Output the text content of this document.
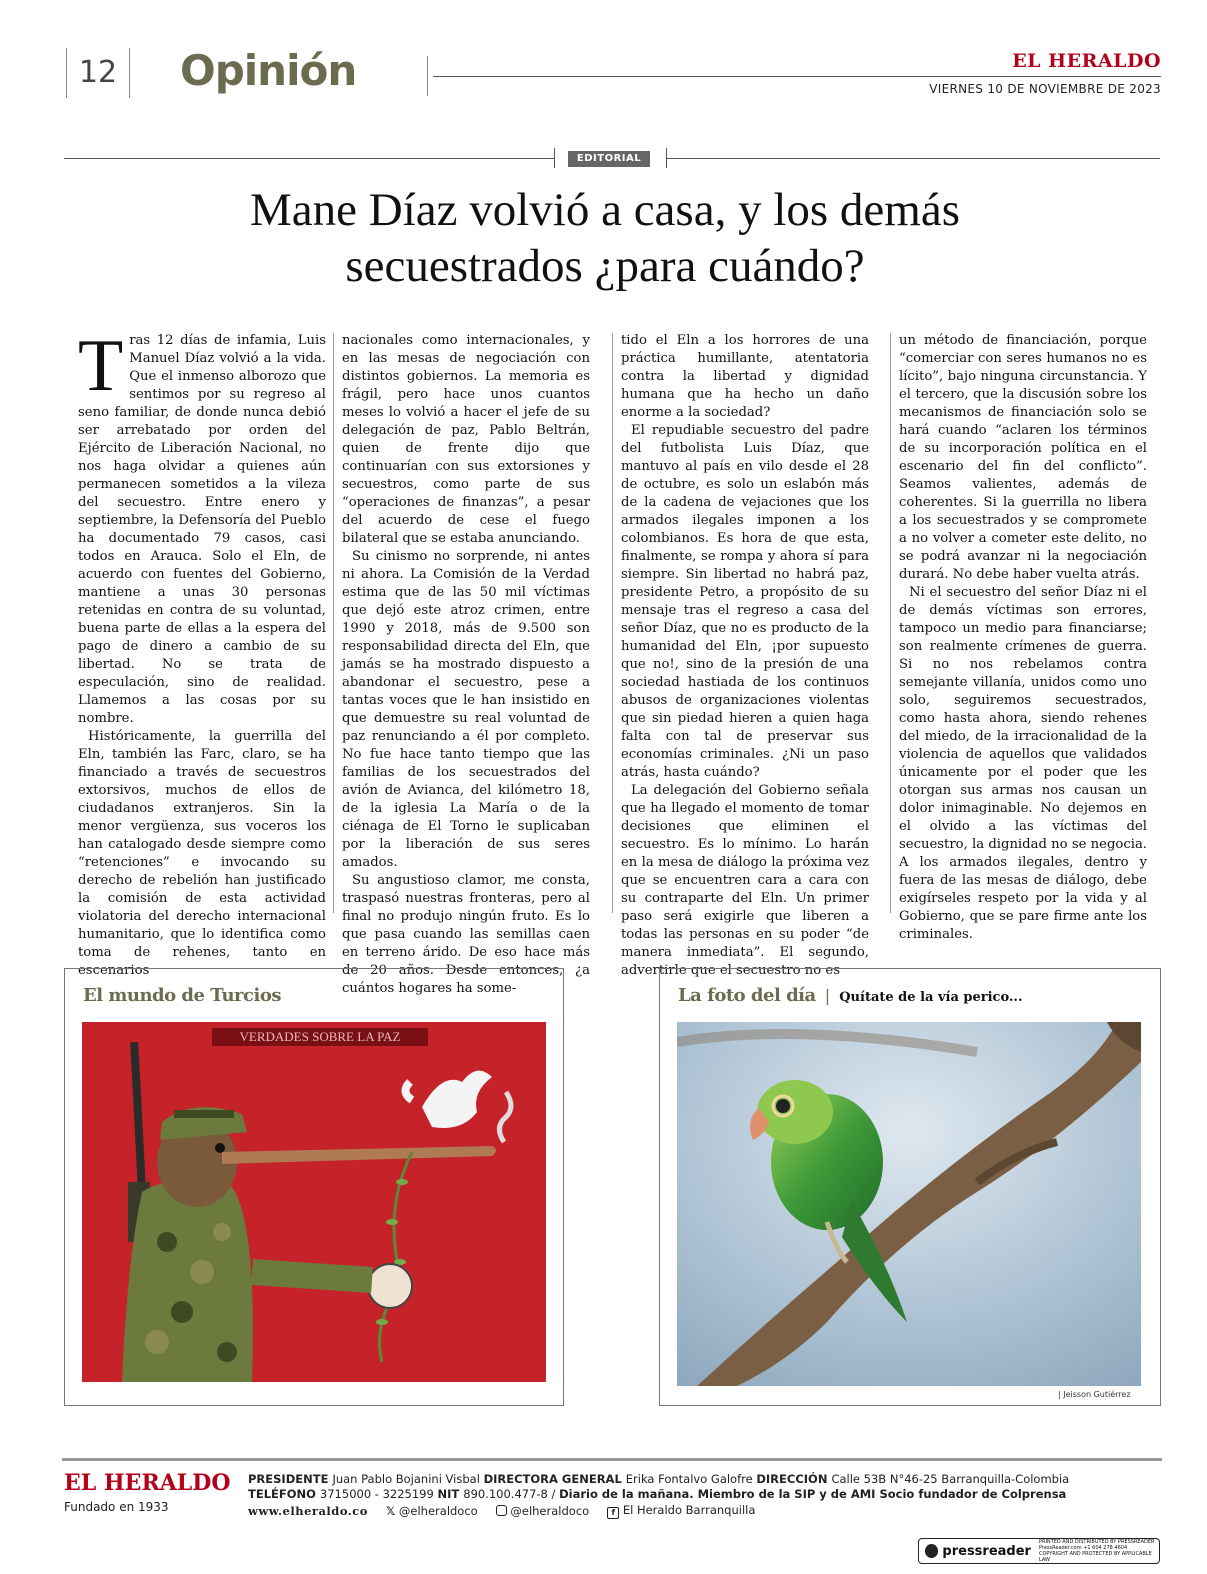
12	Opinión	EL HERALDO
VIERNES 10 DE NOVIEMBRE DE 2023
EDITORIAL
Mane Díaz volvió a casa, y los demás secuestrados ¿para cuándo?

Tras 12 días de infamia, Luis Manuel Díaz volvió a la vida. Que el inmenso alborozo que sentimos por su regreso al seno familiar, de donde nunca debió ser arrebatado por orden del Ejército de Liberación Nacional, no nos haga olvidar a quienes aún permanecen sometidos a la vileza del secuestro. Entre enero y septiembre, la Defensoría del Pueblo ha documentado 79 casos, casi todos en Arauca. Solo el Eln, de acuerdo con fuentes del Gobierno, mantiene a unas 30 personas retenidas en contra de su voluntad, buena parte de ellas a la espera del pago de dinero a cambio de su libertad. No se trata de especulación, sino de realidad. Llamemos a las cosas por su nombre.

Históricamente, la guerrilla del Eln, también las Farc, claro, se ha financiado a través de secuestros extorsivos, muchos de ellos de ciudadanos extranjeros. Sin la menor vergüenza, sus voceros los han catalogado desde siempre como “retenciones” e invocando su derecho de rebelión han justificado la comisión de esta actividad violatoria del derecho internacional humanitario, que lo identifica como toma de rehenes, tanto en escenarios

nacionales como internacionales, y en las mesas de negociación con distintos gobiernos. La memoria es frágil, pero hace unos cuantos meses lo volvió a hacer el jefe de su delegación de paz, Pablo Beltrán, quien de frente dijo que continuarían con sus extorsiones y secuestros, como parte de sus “operaciones de finanzas”, a pesar del acuerdo de cese el fuego bilateral que se estaba anunciando.

Su cinismo no sorprende, ni antes ni ahora. La Comisión de la Verdad estima que de las 50 mil víctimas que dejó este atroz crimen, entre 1990 y 2018, más de 9.500 son responsabilidad directa del Eln, que jamás se ha mostrado dispuesto a abandonar el secuestro, pese a tantas voces que le han insistido en que demuestre su real voluntad de paz renunciando a él por completo. No fue hace tanto tiempo que las familias de los secuestrados del avión de Avianca, del kilómetro 18, de la iglesia La María o de la ciénaga de El Torno le suplicaban por la liberación de sus seres amados.

Su angustioso clamor, me consta, traspasó nuestras fronteras, pero al final no produjo ningún fruto. Es lo que pasa cuando las semillas caen en terreno árido. De eso hace más de 20 años. Desde entonces, ¿a cuántos hogares ha some-

tido el Eln a los horrores de una práctica humillante, atentatoria contra la libertad y dignidad humana que ha hecho un daño enorme a la sociedad?

El repudiable secuestro del padre del futbolista Luis Díaz, que mantuvo al país en vilo desde el 28 de octubre, es solo un eslabón más de la cadena de vejaciones que los armados ilegales imponen a los colombianos. Es hora de que esta, finalmente, se rompa y ahora sí para siempre. Sin libertad no habrá paz, presidente Petro, a propósito de su mensaje tras el regreso a casa del señor Díaz, que no es producto de la humanidad del Eln, ¡por supuesto que no!, sino de la presión de una sociedad hastiada de los continuos abusos de organizaciones violentas que sin piedad hieren a quien haga falta con tal de preservar sus economías criminales. ¿Ni un paso atrás, hasta cuándo?

La delegación del Gobierno señala que ha llegado el momento de tomar decisiones que eliminen el secuestro. Es lo mínimo. Lo harán en la mesa de diálogo la próxima vez que se encuentren cara a cara con su contraparte del Eln. Un primer paso será exigirle que liberen a todas las personas en su poder “de manera inmediata”. El segundo, advertirle que el secuestro no es

un método de financiación, porque “comerciar con seres humanos no es lícito”, bajo ninguna circunstancia. Y el tercero, que la discusión sobre los mecanismos de financiación solo se hará cuando “aclaren los términos de su incorporación política en el escenario del fin del conflicto”. Seamos valientes, además de coherentes. Si la guerrilla no libera a los secuestrados y se compromete a no volver a cometer este delito, no se podrá avanzar ni la negociación durará. No debe haber vuelta atrás.

Ni el secuestro del señor Díaz ni el de demás víctimas son errores, tampoco un medio para financiarse; son realmente crímenes de guerra. Si no nos rebelamos contra semejante villanía, unidos como uno solo, seguiremos secuestrados, como hasta ahora, siendo rehenes del miedo, de la irracionalidad de la violencia de aquellos que validados únicamente por el poder que les otorgan sus armas nos causan un dolor inimaginable. No dejemos en el olvido a las víctimas del secuestro, la dignidad no se negocia. A los armados ilegales, dentro y fuera de las mesas de diálogo, debe exigírseles respeto por la vida y al Gobierno, que se pare firme ante los criminales.

El mundo de Turcios
VERDADES SOBRE LA PAZ
La foto del día | Quítate de la vía perico...
| Jeisson Gutiérrez
EL HERALDO
Fundado en 1933
PRESIDENTE Juan Pablo Bojanini Visbal DIRECTORA GENERAL Erika Fontalvo Galofre DIRECCIÓN Calle 53B N°46-25 Barranquilla-Colombia
TELÉFONO 3715000 - 3225199 NIT 890.100.477-8 / Diario de la mañana. Miembro de la SIP y de AMI Socio fundador de Colprensa
www.elheraldo.co 𝕏 @elheraldoco	@elheraldoco	f El Heraldo Barranquilla
pressreader
PRINTED AND DISTRIBUTED BY PRESSREADER
PressReader.com +1 604 278 4604
COPYRIGHT AND PROTECTED BY APPLICABLE LAW
